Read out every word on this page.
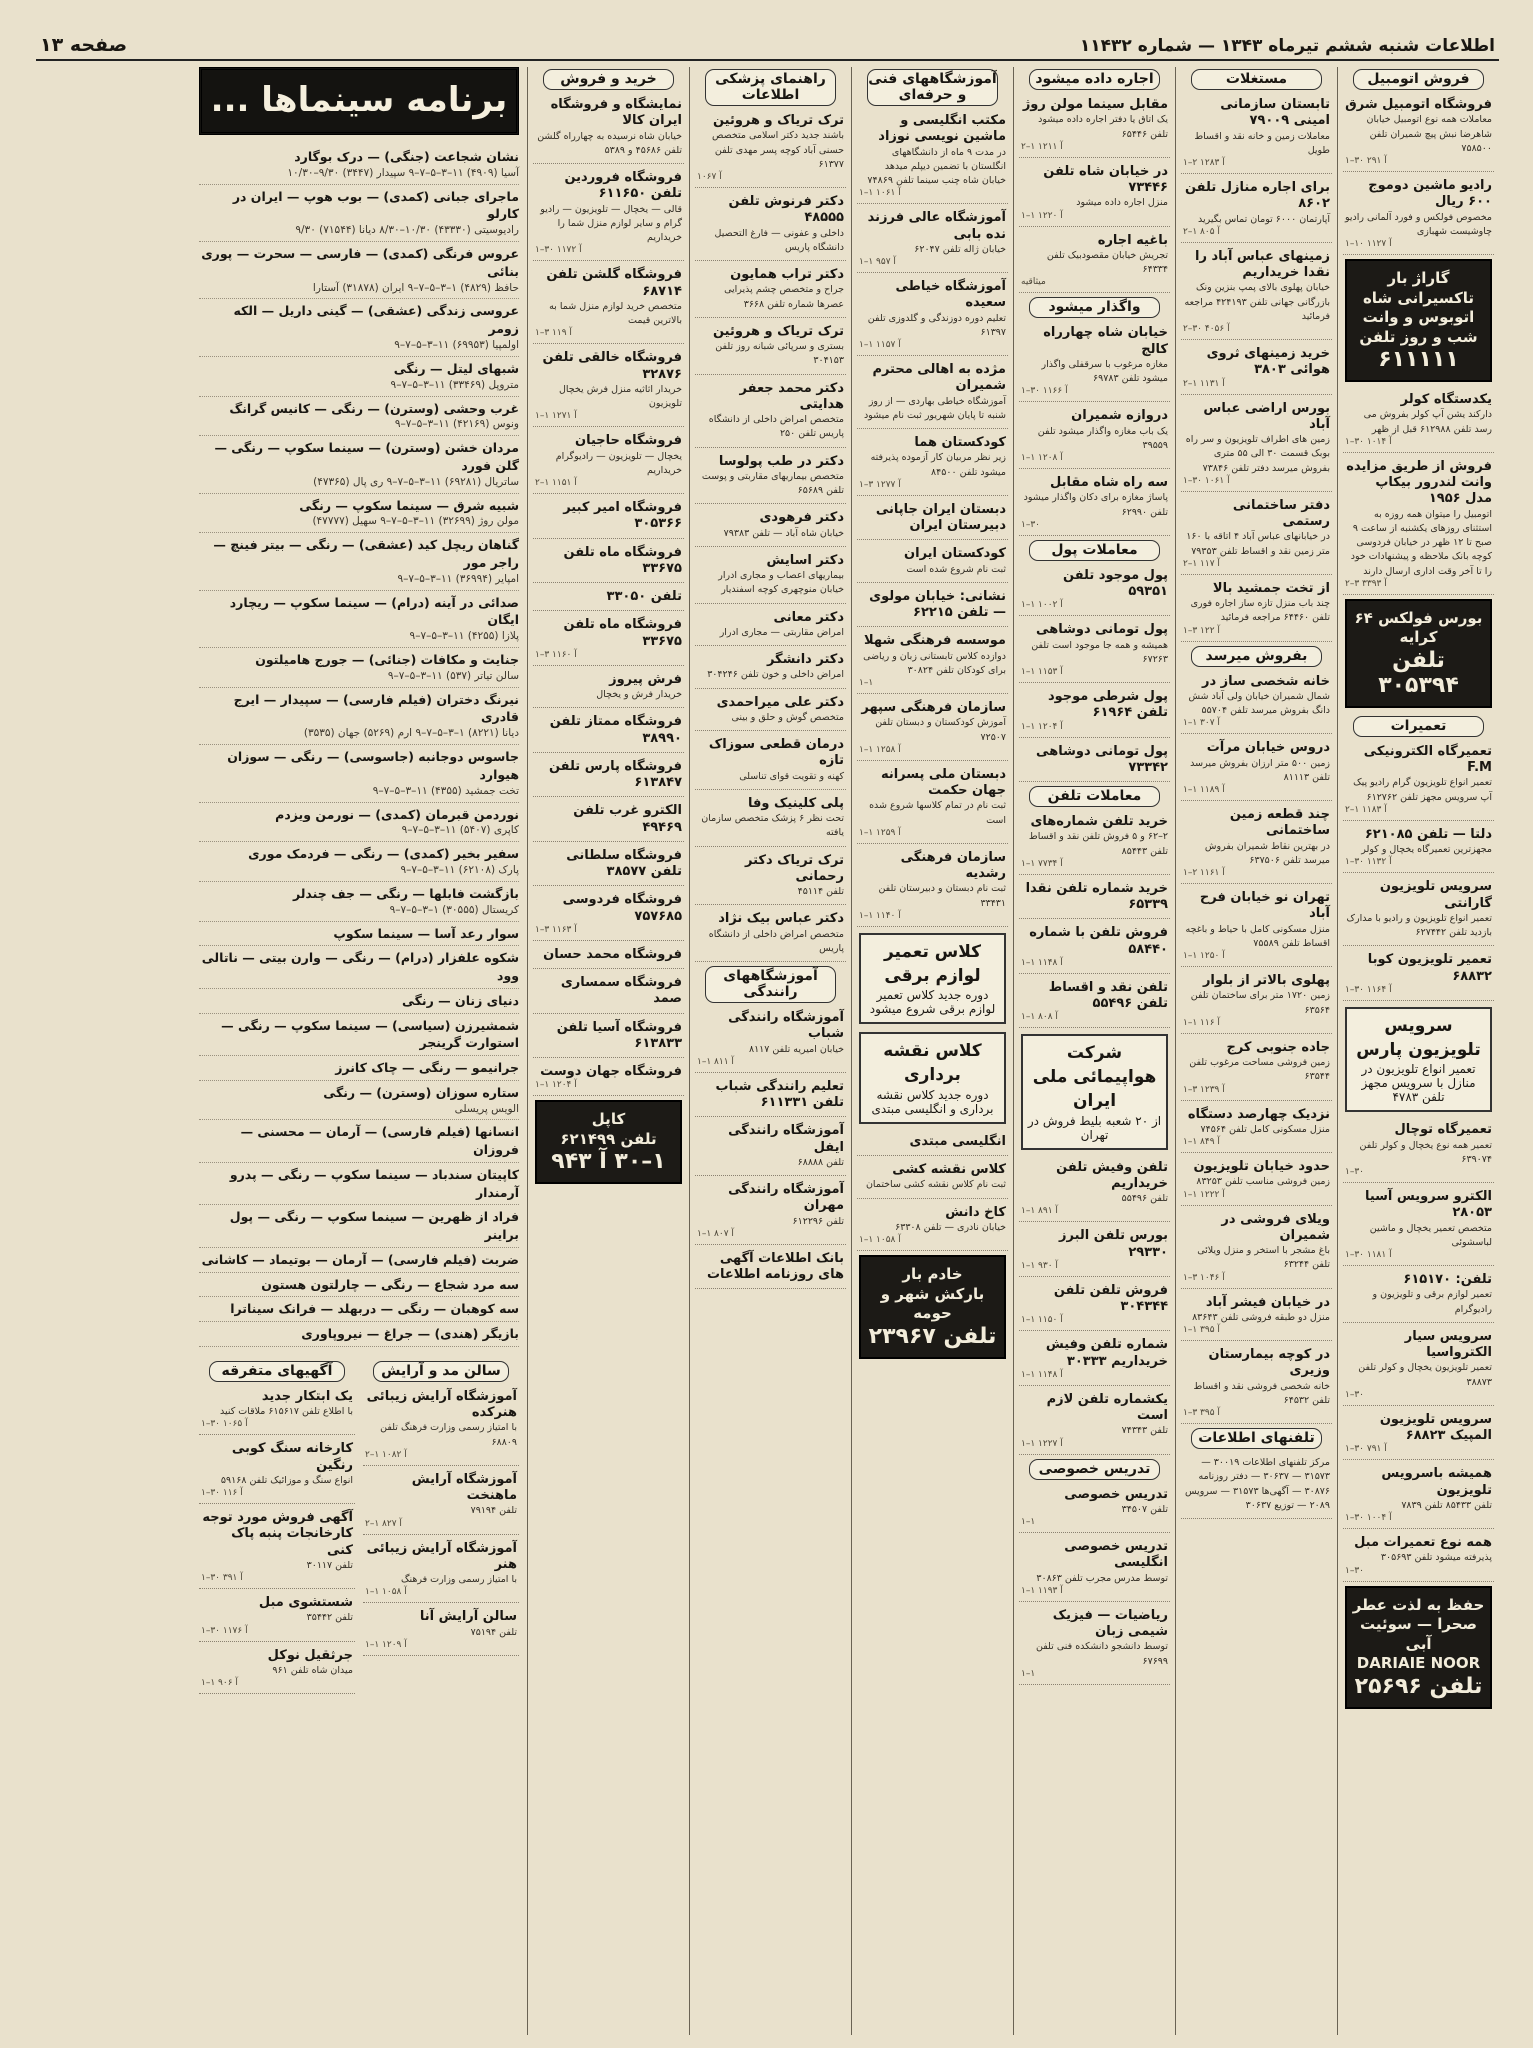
اطلاعات شنبه ششم تیرماه ۱۳۴۳ — شماره ۱۱۴۳۲
صفحه ۱۳
فروش اتومبیل
فروشگاه اتومبیل شرق
معاملات همه نوع اتومبیل خیابان شاهرضا نبش پیچ شمیران تلفن ۷۵۸۵۰۰
۱–۳۰ آ ۲۹۱
رادیو ماشین دوموج ۶۰۰ ریال
مخصوص فولکس و فورد آلمانی رادیو چاوشیست شهبازی
۱–۱۰ آ ۱۱۲۷
گاراژ بار تاکسیرانی شاه
اتوبوس و وانت شب و روز تلفن
۶۱۱۱۱۱
یکدستگاه کولر
دارکند یشن آپ کولر بفروش می رسد تلفن ۶۱۲۹۸۸ قبل از ظهر
۱–۳۰ آ ۱۰۱۴
فروش از طریق مزایده وانت لندرور بیکاپ مدل ۱۹۵۶
اتومبیل را میتوان همه روزه به استثنای روزهای یکشنبه از ساعت ۹ صبح تا ۱۲ ظهر در خیابان فردوسی کوچه بانک ملاحظه و پیشنهادات خود را تا آخر وقت اداری ارسال دارند
۲–۳ آ ۳۳۹۳
بورس فولکس ۶۴ کرایه
تلفن ۳۰۵۳۹۴
تعمیرات
تعمیرگاه الکترونیکی F.M
تعمیر انواع تلویزیون گرام رادیو پیک آپ سرویس مجهز تلفن ۶۱۲۷۶۲
۲–۱ آ ۱۱۸۳
دلتا — تلفن ۶۲۱۰۸۵
مجهزترین تعمیرگاه یخچال و کولر
۱–۳۰ آ ۱۱۳۲
سرویس تلویزیون گارانتی
تعمیر انواع تلویزیون و رادیو با مدارک بازدید تلفن ۶۲۷۴۴۲
تعمیر تلویزیون کوبا ۶۸۸۳۲
۱–۳۰ آ ۱۱۶۴
سرویس تلویزیون پارس
تعمیر انواع تلویزیون در منازل با سرویس مجهز تلفن ۴۷۸۳
تعمیرگاه توچال
تعمیر همه نوع یخچال و کولر تلفن ۶۳۹۰۷۴
۱–۳۰
الکترو سرویس آسیا ۲۸۰۵۳
متخصص تعمیر یخچال و ماشین لباسشوئی
۱–۳۰ آ ۱۱۸۱
تلفن: ۶۱۵۱۷۰
تعمیر لوازم برقی و تلویزیون و رادیوگرام
سرویس سیار الکترواسیا
تعمیر تلویزیون یخچال و کولر تلفن ۳۸۸۷۳
۱–۳۰
سرویس تلویزیون المپیک ۶۸۸۲۳
۱–۳۰ آ ۷۹۱
همیشه باسرویس تلویزیون
تلفن ۸۵۴۳۳ تلفن ۷۸۳۹
۱–۳۰ آ ۱۰۰۴
همه نوع تعمیرات مبل
پذیرفته میشود تلفن ۳۰۵۶۹۳
۱–۳۰
حفظ به لذت عطر صحرا — سوئیت آبی
DARIAIE NOOR
تلفن ۲۵۶۹۶
مستغلات
تابستان سازمانی امینی ۷۹۰۰۹
معاملات زمین و خانه نقد و اقساط طویل
۱–۲ آ ۱۲۸۳
برای اجاره منازل تلفن ۸۶۰۲
آپارتمان ۶۰۰۰ تومان تماس بگیرید
۲–۱ آ ۸۰۵
زمینهای عباس آباد را نقدا خریداریم
خیابان پهلوی بالای پمپ بنزین ونک بازرگانی جهانی تلفن ۴۲۴۱۹۳ مراجعه فرمائید
۲–۳۰ آ ۴۰۵۶
خرید زمینهای ثروی هوائی ۳۸۰۳
۲–۱ آ ۱۱۳۱
بورس اراضی عباس آباد
زمین های اطراف تلویزیون و سر راه بوبک قسمت ۳۰ الی ۵۵ متری بفروش میرسد دفتر تلفن ۷۳۸۴۶
۱–۳۰ آ ۱۰۶۱
دفتر ساختمانی رستمی
در خیابانهای عباس آباد ۴ اتاقه با ۱۶۰ متر زمین نقد و اقساط تلفن ۷۹۳۵۳
۲–۱ آ ۱۱۷
از تخت جمشید بالا
چند باب منزل تازه ساز اجاره فوری تلفن ۶۴۴۶۰ مراجعه فرمائید
۱–۳ آ ۱۲۲
بفروش میرسد
خانه شخصی ساز در
شمال شمیران خیابان ولی آباد شش دانگ بفروش میرسد تلفن ۵۵۷۰۴
۱–۱ آ ۳۰۷
دروس خیابان مرآت
زمین ۵۰۰ متر ارزان بفروش میرسد تلفن ۸۱۱۱۳
۱–۱ آ ۱۱۸۹
چند قطعه زمین ساختمانی
در بهترین نقاط شمیران بفروش میرسد تلفن ۶۳۷۵۰۶
۱–۲ آ ۱۱۶۱
تهران نو خیابان فرح آباد
منزل مسکونی کامل با حیاط و باغچه اقساط تلفن ۷۵۵۸۹
۱–۱ آ ۱۲۵۰
پهلوی بالاتر از بلوار
زمین ۱۷۲۰ متر برای ساختمان تلفن ۶۳۵۶۴
۱–۱ آ ۱۱۶
جاده جنوبی کرج
زمین فروشی مساحت مرغوب تلفن ۶۳۵۴۴
۱–۳ آ ۱۲۳۹
نزدیک چهارصد دستگاه
منزل مسکونی کامل تلفن ۷۴۵۶۴
۱–۱ آ ۸۴۹
حدود خیابان تلویزیون
زمین فروشی مناسب تلفن ۸۳۲۵۳
۱–۱ آ ۱۲۲۲
ویلای فروشی در شمیران
باغ مشجر با استخر و منزل ویلائی تلفن ۶۳۲۴۴
۱–۳ آ ۱۰۴۶
در خیابان فیشر آباد
منزل دو طبقه فروشی تلفن ۸۳۶۴۳
۱–۱ آ ۳۹۵
در کوچه بیمارستان وزیری
خانه شخصی فروشی نقد و اقساط تلفن ۶۴۵۳۲
۱–۳ آ ۳۹۵
تلفنهای اطلاعات
مرکز تلفنهای اطلاعات ۳۰۰۱۹ — ۳۱۵۷۳ — ۳۰۶۳۷ — دفتر روزنامه ۳۰۸۷۶ — آگهی‌ها ۳۱۵۷۳ — سرویس ۲۰۸۹ — توزیع ۳۰۶۳۷
اجاره داده میشود
مقابل سینما مولن روژ
یک اتاق یا دفتر اجاره داده میشود تلفن ۶۵۴۴۶
۲–۱ آ ۱۲۱۱
در خیابان شاه تلفن ۷۳۴۴۶
منزل اجاره داده میشود
۱–۱ آ ۱۲۲۰
باغیه اجاره
تجریش خیابان مقصودبیک تلفن ۶۴۳۳۴
میثاقیه
واگذار میشود
خیابان شاه چهارراه کالج
مغازه مرغوب با سرقفلی واگذار میشود تلفن ۶۹۷۸۳
۱–۳۰ آ ۱۱۶۶
دروازه شمیران
یک باب مغازه واگذار میشود تلفن ۳۹۵۵۹
۱–۱ آ ۱۲۰۸
سه راه شاه مقابل
پاساژ مغازه برای دکان واگذار میشود تلفن ۶۲۹۹۰
۱–۳۰
معاملات پول
پول موجود تلفن ۵۹۳۵۱
۱–۱ آ ۱۰۰۲
پول تومانی دوشاهی
همیشه و همه جا موجود است تلفن ۶۷۲۶۳
۱–۱ آ ۱۱۵۳
پول شرطی موجود تلفن ۶۱۹۶۴
۱–۱ آ ۱۲۰۴
پول تومانی دوشاهی ۷۳۳۴۲
معاملات تلفن
خرید تلفن شماره‌های
۲–۶۲ و ۵ فروش تلفن نقد و اقساط تلفن ۸۵۴۴۳
۱–۱ آ ۷۷۳۴
خرید شماره تلفن نقدا ۶۵۳۳۹
فروش تلفن با شماره ۵۸۴۴۰
۱–۱ آ ۱۱۴۸
تلفن نقد و اقساط تلفن ۵۵۴۹۶
۱–۱ آ ۸۰۸
شرکت هواپیمائی ملی ایران
از ۲۰ شعبه بلیط فروش در تهران
تلفن وفیش تلفن خریداریم
تلفن ۵۵۴۹۶
۱–۱ آ ۸۹۱
بورس تلفن البرز ۲۹۳۳۰
۱–۱ آ ۹۳۰
فروش تلفن تلفن ۳۰۴۳۴۴
۱–۱ آ ۱۱۵۰
شماره تلفن وفیش خریداریم ۳۰۳۳۳
۱–۱ آ ۱۱۴۸
یکشماره تلفن لازم است
تلفن ۷۴۳۴۳
۱–۱ آ ۱۲۲۷
تدریس خصوصی
تدریس خصوصی
تلفن ۳۴۵۰۷
۱–۱
تدریس خصوصی انگلیسی
توسط مدرس مجرب تلفن ۳۰۸۶۳
۱–۱ آ ۱۱۹۳
ریاضیات — فیزیک شیمی زبان
توسط دانشجو دانشکده فنی تلفن ۶۷۶۹۹
۱–۱
آموزشگاههای فنی و حرفه‌ای
مکتب انگلیسی و ماشین نویسی نوزاد
در مدت ۹ ماه از دانشگاههای انگلستان با تضمین دیپلم میدهد خیابان شاه چنب سینما تلفن ۷۴۸۶۹
۱–۱ آ ۱۰۶۱
آموزشگاه عالی فرزند نده بابی
خیابان ژاله تلفن ۶۲۰۴۷
۱–۱ آ ۹۵۷
آموزشگاه خیاطی سعیده
تعلیم دوره دوزندگی و گلدوزی تلفن ۶۱۳۹۷
۱–۱ آ ۱۱۵۷
مژده به اهالی محترم شمیران
آموزشگاه خیاطی بهاردی — از روز شنبه تا پایان شهریور ثبت نام میشود
کودکستان هما
زیر نظر مربیان کار آزموده پذیرفته میشود تلفن ۸۴۵۰۰
۱–۳ آ ۱۲۷۷
دبستان ایران جاپانی دبیرستان ایران
کودکستان ایران
ثبت نام شروع شده است
نشانی: خیابان مولوی — تلفن ۶۲۲۱۵
موسسه فرهنگی شهلا
دوازده کلاس تابستانی زبان و ریاضی برای کودکان تلفن ۳۰۸۲۴
۱–۱
سازمان فرهنگی سپهر
آموزش کودکستان و دبستان تلفن ۷۲۵۰۷
۱–۱ آ ۱۲۵۸
دبستان ملی پسرانه جهان حکمت
ثبت نام در تمام کلاسها شروع شده است
۱–۱ آ ۱۲۵۹
سازمان فرهنگی رشدیه
ثبت نام دبستان و دبیرستان تلفن ۳۳۴۳۱
۱–۱ آ ۱۱۴۰
کلاس تعمیر لوازم برقی
دوره جدید کلاس تعمیر لوازم برقی شروع میشود
کلاس نقشه برداری
دوره جدید کلاس نقشه برداری و انگلیسی مبتدی
انگلیسی مبتدی
کلاس نقشه کشی
ثبت نام کلاس نقشه کشی ساختمان
کاخ دانش
خیابان نادری — تلفن ۶۳۳۰۸
۱–۱ آ ۱۰۵۸
خادم بار
بارکش شهر و حومه
تلفن ۲۳۹۶۷
راهنمای پزشکی اطلاعات
ترک تریاک و هروئین
باشند جدید دکتر اسلامی متخصص حسنی آباد کوچه پسر مهدی تلفن ۶۱۳۷۷
آ ۱۰۶۷
دکتر فرنوش تلفن ۴۸۵۵۵
داخلی و عفونی — فارغ التحصیل دانشگاه پاریس
دکتر تراب همایون
جراح و متخصص چشم پذیرایی عصرها شماره تلفن ۳۶۶۸
ترک تریاک و هروئین
بستری و سرپائی شبانه روز تلفن ۳۰۴۱۵۳
دکتر محمد جعفر هدایتی
متخصص امراض داخلی از دانشگاه پاریس تلفن ۲۵۰
دکتر در طب پولوسا
متخصص بیماریهای مقاربتی و پوست تلفن ۶۵۶۸۹
دکتر فرهودی
خیابان شاه آباد — تلفن ۷۹۳۸۳
دکتر اسایش
بیماریهای اعصاب و مجاری ادرار خیابان منوچهری کوچه اسفندیار
دکتر معانی
امراض مقاربتی — مجاری ادرار
دکتر دانشگر
امراض داخلی و خون تلفن ۳۰۴۲۴۶
دکتر علی میراحمدی
متخصص گوش و حلق و بینی
درمان قطعی سوزاک تازه
کهنه و تقویت قوای تناسلی
پلی کلینیک وفا
تحت نظر ۶ پزشک متخصص سازمان یافته
ترک تریاک دکتر رحمانی
تلفن ۴۵۱۱۴
دکتر عباس بیک نژاد
متخصص امراض داخلی از دانشگاه پاریس
آموزشگاههای رانندگی
آموزشگاه رانندگی شباب
خیابان امیریه تلفن ۸۱۱۷
۱–۱ آ ۸۱۱
تعلیم رانندگی شباب تلفن ۶۱۱۳۳۱
آموزشگاه رانندگی ایفل
تلفن ۶۸۸۸۸
آموزشگاه رانندگی مهران
تلفن ۶۱۲۲۹۶
۱–۱ آ ۸۰۷
بانک اطلاعات آگهی های روزنامه اطلاعات
خرید و فروش
نمایشگاه و فروشگاه ایران کالا
خیابان شاه نرسیده به چهارراه گلشن تلفن ۴۵۶۸۶ و ۵۳۸۹
فروشگاه فروردین تلفن ۶۱۱۶۵۰
قالی — یخچال — تلویزیون — رادیو گرام و سایر لوازم منزل شما را خریداریم
۱–۳۰ آ ۱۱۷۲
فروشگاه گلشن تلفن ۶۸۷۱۴
متخصص خرید لوازم منزل شما به بالاترین قیمت
۱–۳ آ ۱۱۹
فروشگاه خالقی تلفن ۳۲۸۷۶
خریدار اثاثیه منزل فرش یخچال تلویزیون
۱–۱ آ ۱۲۷۱
فروشگاه حاجیان
یخچال — تلویزیون — رادیوگرام خریداریم
۲–۱ آ ۱۱۵۱
فروشگاه امیر کبیر ۳۰۵۳۶۶
فروشگاه ماه تلفن ۳۳۶۷۵
تلفن ۳۳۰۵۰
فروشگاه ماه تلفن ۳۳۶۷۵
۱–۳ آ ۱۱۶۰
فرش پیروز
خریدار فرش و یخچال
فروشگاه ممتاز تلفن ۳۸۹۹۰
فروشگاه پارس تلفن ۶۱۳۸۴۷
الکترو غرب تلفن ۴۹۴۶۹
فروشگاه سلطانی تلفن ۳۸۵۷۷
فروشگاه فردوسی ۷۵۷۶۸۵
۱–۳ آ ۱۱۶۳
فروشگاه محمد حسان
فروشگاه سمساری صمد
فروشگاه آسیا تلفن ۶۱۳۸۳۳
فروشگاه جهان دوست
۱–۱ آ ۱۲۰۴
کاپل
تلفن ۶۲۱۴۹۹
۱–۳۰ آ ۹۴۳
برنامه سینماها ...
نشان شجاعت (جنگی) — درک بوگارد
آسیا (۴۹۰۹) ۱۱–۳–۵–۷–۹ سپیدار (۳۴۴۷) ۹/۳۰–۱۰/۳۰
ماجرای جبانی (کمدی) — بوب هوپ — ایران در کارلو
رادیوسیتی (۴۳۳۳۰) ۱۰/۳۰–۸/۳۰ دیانا (۷۱۵۴۴) ۹/۳۰
عروس فرنگی (کمدی) — فارسی — سحرت — پوری بنائی
حافظ (۴۸۲۹) ۱–۳–۵–۷–۹ ایران (۳۱۸۷۸) آستارا
عروسی زندگی (عشقی) — گینی داریل — الکه زومر
اولمپیا (۶۹۹۵۳) ۱۱–۳–۵–۷–۹
شبهای لیتل — رنگی
متروپل (۳۳۴۶۹) ۱۱–۳–۵–۷–۹
غرب وحشی (وسترن) — رنگی — کانیس گرانگ
ونوس (۴۲۱۶۹) ۱۱–۳–۵–۷–۹
مردان خشن (وسترن) — سینما سکوپ — رنگی — گلن فورد
ساتریال (۶۹۲۸۱) ۱۱–۳–۵–۷–۹ ری پال (۴۷۳۶۵)
شبیه شرق — سینما سکوپ — رنگی
مولن روژ (۳۲۶۹۹) ۱۱–۳–۵–۷–۹ سهیل (۴۷۷۷۷)
گناهان ریچل کید (عشقی) — رنگی — بیتر فینچ — راجر مور
امپایر (۳۶۹۹۴) ۱۱–۳–۵–۷–۹
صدائی در آینه (درام) — سینما سکوپ — ریچارد ایگان
پلازا (۴۲۵۵) ۱۱–۳–۵–۷–۹
جنایت و مکافات (جنائی) — جورج هامیلتون
سالن تیاتر (۵۳۷) ۱۱–۳–۵–۷–۹
نیرنگ دختران (فیلم فارسی) — سپیدار — ایرج قادری
دیانا (۸۲۲۱) ۱–۳–۵–۷–۹ ارم (۵۲۶۹) جهان (۳۵۳۵)
جاسوس دوجانبه (جاسوسی) — رنگی — سوزان هیوارد
تخت جمشید (۴۳۵۵) ۱۱–۳–۵–۷–۹
نوردمن قبرمان (کمدی) — نورمن ویزدم
کاپری (۵۴۰۷) ۱۱–۳–۵–۷–۹
سفیر بخیر (کمدی) — رنگی — فردمک موری
پارک (۶۲۱۰۸) ۱۱–۳–۵–۷–۹
بازگشت فابلها — رنگی — جف چندلر
کریستال (۳۰۵۵۵) ۱–۳–۵–۷–۹
سوار رعد آسا — سینما سکوپ
شکوه علفزار (درام) — رنگی — وارن بیتی — ناتالی وود
دنیای زنان — رنگی
شمشیرزن (سیاسی) — سینما سکوپ — رنگی — استوارت گرینجر
جرانیمو — رنگی — چاک کانرز
ستاره سوزان (وسترن) — رنگی
الویس پریسلی
انسانها (فیلم فارسی) — آرمان — محسنی — فروزان
کاپیتان سندباد — سینما سکوپ — رنگی — پدرو آرمندار
فراد از ظهرین — سینما سکوپ — رنگی — پول براینر
ضربت (فیلم فارسی) — آرمان — بوتیماد — کاشانی
سه مرد شجاع — رنگی — چارلتون هستون
سه کوهبان — رنگی — دربهلد — فرانک سیناترا
بازیگر (هندی) — جراغ — نیروپاوری
سالن مد و آرایش
آموزشگاه آرایش زیبائی هنرکده
با امتیاز رسمی وزارت فرهنگ تلفن ۶۸۸۰۹
۲–۱ آ ۱۰۸۲
آموزشگاه آرایش ماهنخت
تلفن ۷۹۱۹۴
۲–۱ آ ۸۲۷
آموزشگاه آرایش زیبائی هنر
با امتیاز رسمی وزارت فرهنگ
۱–۱ آ ۱۰۵۸
سالن آرایش آنا
تلفن ۷۵۱۹۴
۱–۱ آ ۱۲۰۹
آگهیهای متفرقه
یک ابتکار جدید
با اطلاع تلفن ۶۱۵۶۱۷ ملاقات کنید
۱–۳۰ آ ۱۰۶۵
کارخانه سنگ کوبی رنگین
انواع سنگ و موزائیک تلفن ۵۹۱۶۸
۱–۳۰ آ ۱۱۶
آگهی فروش مورد توجه کارخانجات پنبه پاک کنی
تلفن ۳۰۱۱۷
۱–۳۰ آ ۳۹۱
شستشوی مبل
تلفن ۳۵۴۴۲
۱–۳۰ آ ۱۱۷۶
جرثقیل نوکل
میدان شاه تلفن ۹۶۱
۱–۱ آ ۹۰۶
